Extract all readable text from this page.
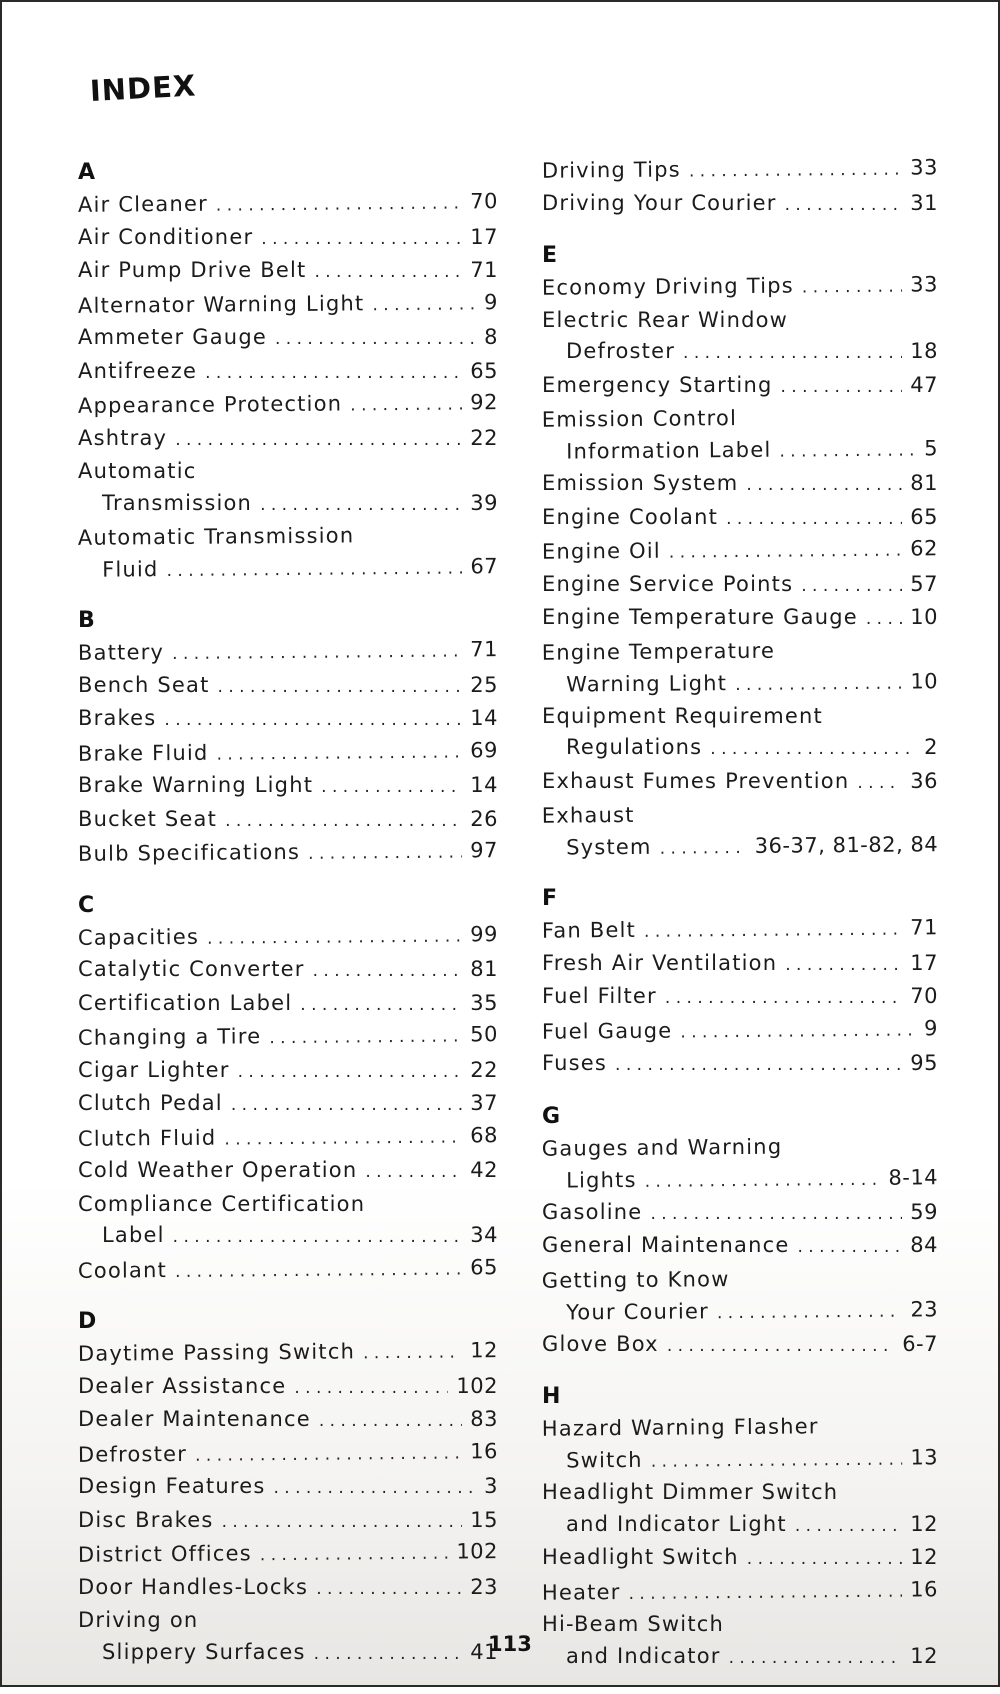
INDEX
A
Air Cleaner . . .	70
Air Conditioner . . .	17
Air Pump Drive Belt . . .	71
Alternator Warning Light . . .	9
Ammeter Gauge . . .	8
Antifreeze . . .	65
Appearance Protection . . .	92
Ashtray . . .	22
Automatic
Transmission . . .	39
Automatic Transmission
Fluid . . .	67
B
Battery . . .	71
Bench Seat . . .	25
Brakes . . .	14
Brake Fluid . . .	69
Brake Warning Light . . .	14
Bucket Seat . . .	26
Bulb Specifications . . .	97
C
Capacities . . .	99
Catalytic Converter . . .	81
Certification Label . . .	35
Changing a Tire . . .	50
Cigar Lighter . . .	22
Clutch Pedal . . .	37
Clutch Fluid . . .	68
Cold Weather Operation . . .	42
Compliance Certification
Label . . .	34
Coolant . . .	65
D
Daytime Passing Switch . . .	12
Dealer Assistance . . .	102
Dealer Maintenance . . .	83
Defroster . . .	16
Design Features . . .	3
Disc Brakes . . .	15
District Offices . . .	102
Door Handles-Locks . . .	23
Driving on
Slippery Surfaces . . .	41
Driving Tips . . .	33
Driving Your Courier . . .	31
E
Economy Driving Tips . . .	33
Electric Rear Window
Defroster . . .	18
Emergency Starting . . .	47
Emission Control
Information Label . . .	5
Emission System . . .	81
Engine Coolant . . .	65
Engine Oil . . .	62
Engine Service Points . . .	57
Engine Temperature Gauge . . . 10
Engine Temperature
Warning Light . . .	10
Equipment Requirement
Regulations . . .	2
Exhaust Fumes Prevention . . .	36
Exhaust
System . . .	36-37, 81-82, 84
F
Fan Belt . . .	71
Fresh Air Ventilation . . .	17
Fuel Filter . . .	70
Fuel Gauge . . .	9
Fuses . . .	95
G
Gauges and Warning
Lights . . .	8-14
Gasoline . . .	59
General Maintenance . . .	84
Getting to Know
Your Courier . . .	23
Glove Box . . .	6-7
H
Hazard Warning Flasher
Switch . . .	13
Headlight Dimmer Switch
and Indicator Light . . .	12
Headlight Switch . . .	12
Heater . . .	16
Hi-Beam Switch
and Indicator . . .	12
113
